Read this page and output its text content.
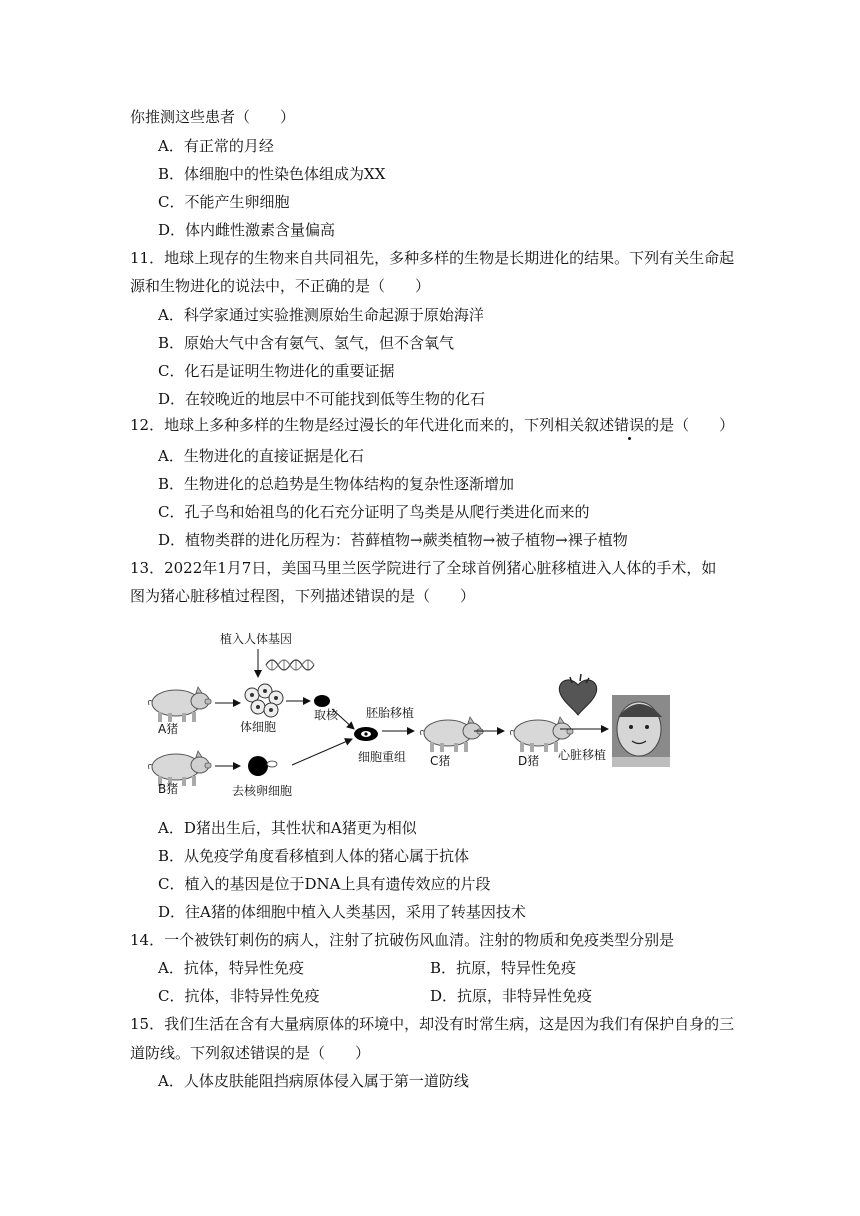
你推测这些患者（　　）
A．有正常的月经
B．体细胞中的性染色体组成为XX
C．不能产生卵细胞
D．体内雌性激素含量偏高
11．地球上现存的生物来自共同祖先，多种多样的生物是长期进化的结果。下列有关生命起
源和生物进化的说法中，不正确的是（　　）
A．科学家通过实验推测原始生命起源于原始海洋
B．原始大气中含有氨气、氢气，但不含氧气
C．化石是证明生物进化的重要证据
D．在较晚近的地层中不可能找到低等生物的化石
12．地球上多种多样的生物是经过漫长的年代进化而来的，下列相关叙述错误的是（　　）
A．生物进化的直接证据是化石
B．生物进化的总趋势是生物体结构的复杂性逐渐增加
C．孔子鸟和始祖鸟的化石充分证明了鸟类是从爬行类进化而来的
D．植物类群的进化历程为：苔藓植物→蕨类植物→被子植物→裸子植物
13．2022年1月7日，美国马里兰医学院进行了全球首例猪心脏移植进入人体的手术，如
图为猪心脏移植过程图，下列描述错误的是（　　）
植入人体基因
A猪	体细胞
取核
B猪	去核卵细胞
细胞重组
胚胎移植
C猪	D猪 心脏移植
A．D猪出生后，其性状和A猪更为相似
B．从免疫学角度看移植到人体的猪心属于抗体
C．植入的基因是位于DNA上具有遗传效应的片段
D．往A猪的体细胞中植入人类基因，采用了转基因技术
14．一个被铁钉刺伤的病人，注射了抗破伤风血清。注射的物质和免疫类型分别是
A．抗体，特异性免疫	B．抗原，特异性免疫
C．抗体，非特异性免疫	D．抗原，非特异性免疫
15．我们生活在含有大量病原体的环境中，却没有时常生病，这是因为我们有保护自身的三
道防线。下列叙述错误的是（　　）
A．人体皮肤能阻挡病原体侵入属于第一道防线
